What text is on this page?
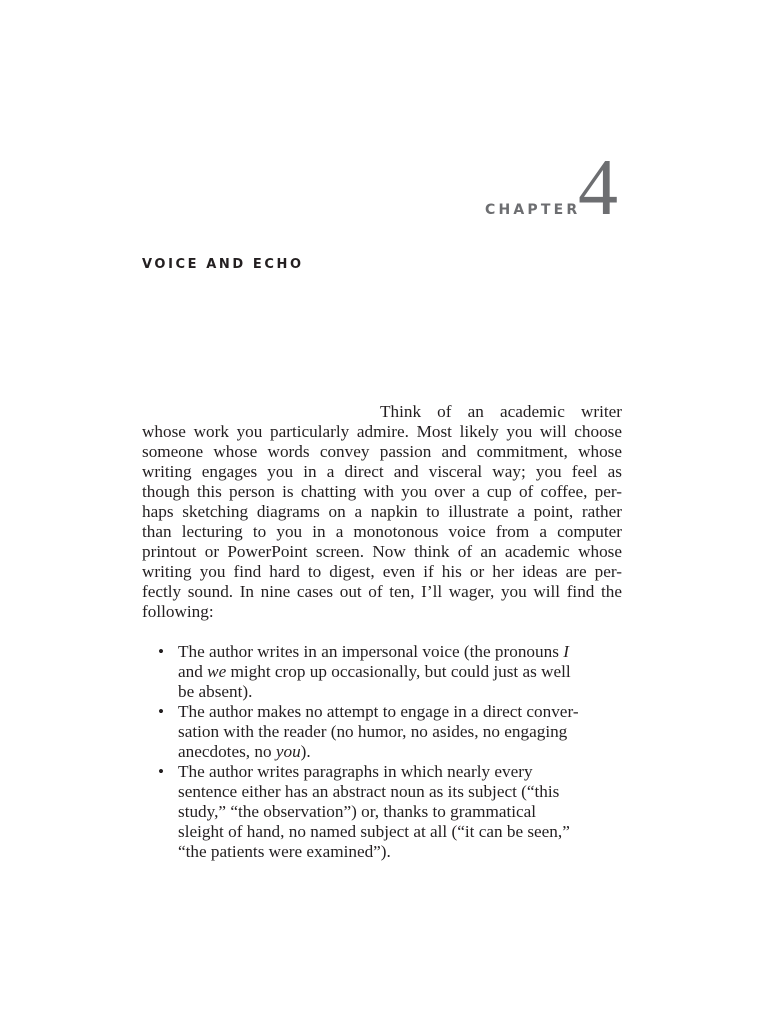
CHAPTER
4
VOICE AND ECHO

Think of an academic writer
whose work you particularly admire. Most likely you will choose
someone whose words convey passion and commitment, whose
writing engages you in a direct and visceral way; you feel as
though this person is chatting with you over a cup of coffee, per-
haps sketching diagrams on a napkin to illustrate a point, rather
than lecturing to you in a monotonous voice from a computer
printout or PowerPoint screen. Now think of an academic whose
writing you find hard to digest, even if his or her ideas are per-
fectly sound. In nine cases out of ten, I’ll wager, you will find the
following:

• The author writes in an impersonal voice (the pronouns I
and we might crop up occasionally, but could just as well
be absent).
• The author makes no attempt to engage in a direct conver-
sation with the reader (no humor, no asides, no engaging
anecdotes, no you).
• The author writes paragraphs in which nearly every
sentence either has an abstract noun as its subject (“this
study,” “the observation”) or, thanks to grammatical
sleight of hand, no named subject at all (“it can be seen,”
“the patients were examined”).
